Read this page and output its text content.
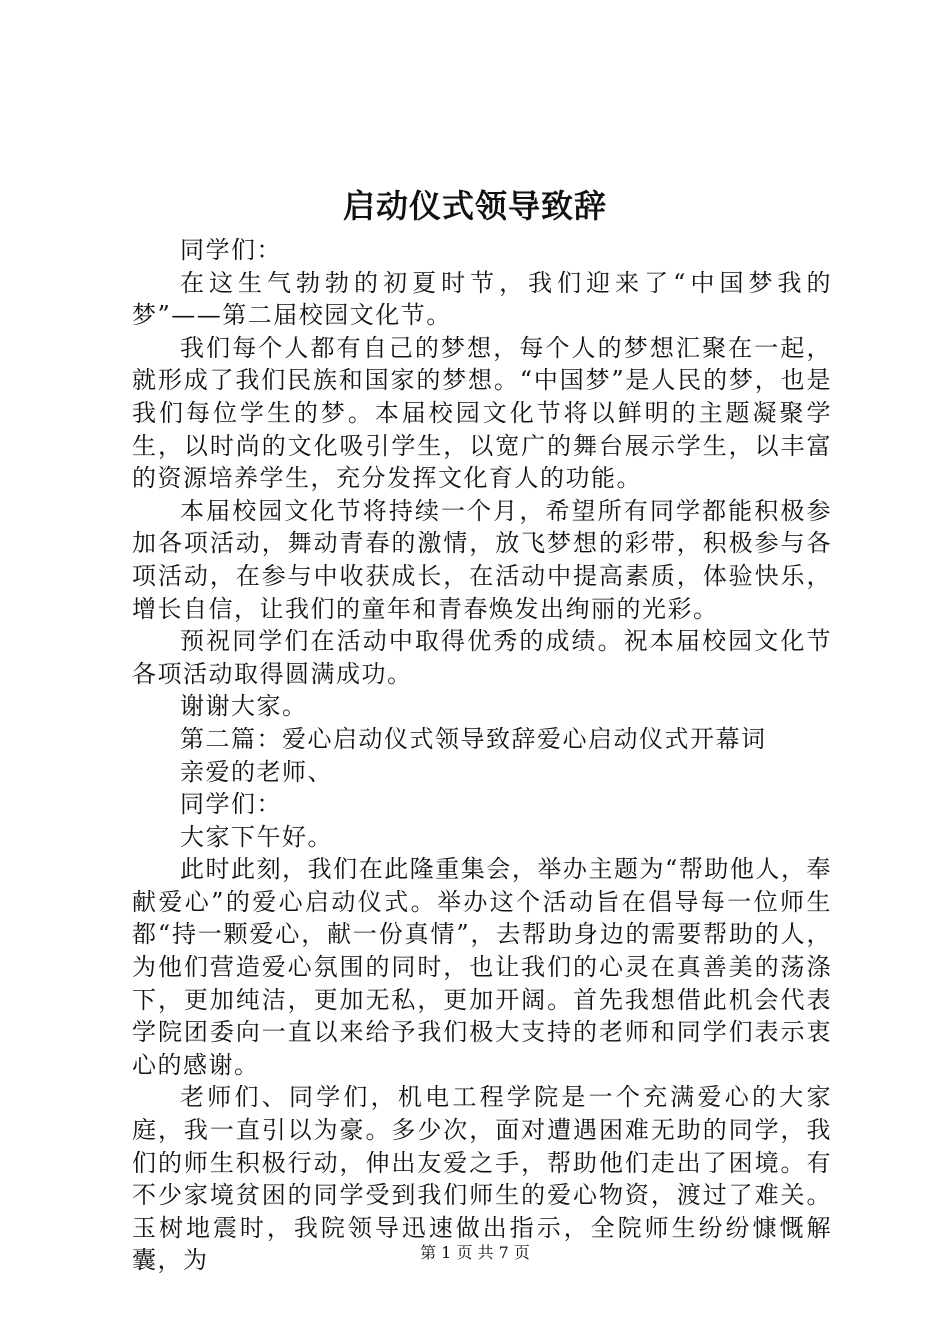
启动仪式领导致辞

同学们：

在这生气勃勃的初夏时节，我们迎来了“中国梦我的梦”——第二届校园文化节。

我们每个人都有自己的梦想，每个人的梦想汇聚在一起，就形成了我们民族和国家的梦想。“中国梦”是人民的梦，也是我们每位学生的梦。本届校园文化节将以鲜明的主题凝聚学生，以时尚的文化吸引学生，以宽广的舞台展示学生，以丰富的资源培养学生，充分发挥文化育人的功能。

本届校园文化节将持续一个月，希望所有同学都能积极参加各项活动，舞动青春的激情，放飞梦想的彩带，积极参与各项活动，在参与中收获成长，在活动中提高素质，体验快乐，增长自信，让我们的童年和青春焕发出绚丽的光彩。

预祝同学们在活动中取得优秀的成绩。祝本届校园文化节各项活动取得圆满成功。

谢谢大家。

第二篇：爱心启动仪式领导致辞爱心启动仪式开幕词

亲爱的老师、

同学们：

大家下午好。

此时此刻，我们在此隆重集会，举办主题为“帮助他人，奉献爱心”的爱心启动仪式。举办这个活动旨在倡导每一位师生都“持一颗爱心，献一份真情”，去帮助身边的需要帮助的人，为他们营造爱心氛围的同时，也让我们的心灵在真善美的荡涤下，更加纯洁，更加无私，更加开阔。首先我想借此机会代表学院团委向一直以来给予我们极大支持的老师和同学们表示衷心的感谢。

老师们、同学们，机电工程学院是一个充满爱心的大家庭，我一直引以为豪。多少次，面对遭遇困难无助的同学，我们的师生积极行动，伸出友爱之手，帮助他们走出了困境。有不少家境贫困的同学受到我们师生的爱心物资，渡过了难关。玉树地震时，我院领导迅速做出指示，全院师生纷纷慷慨解囊，为	第 1 页 共 7 页
